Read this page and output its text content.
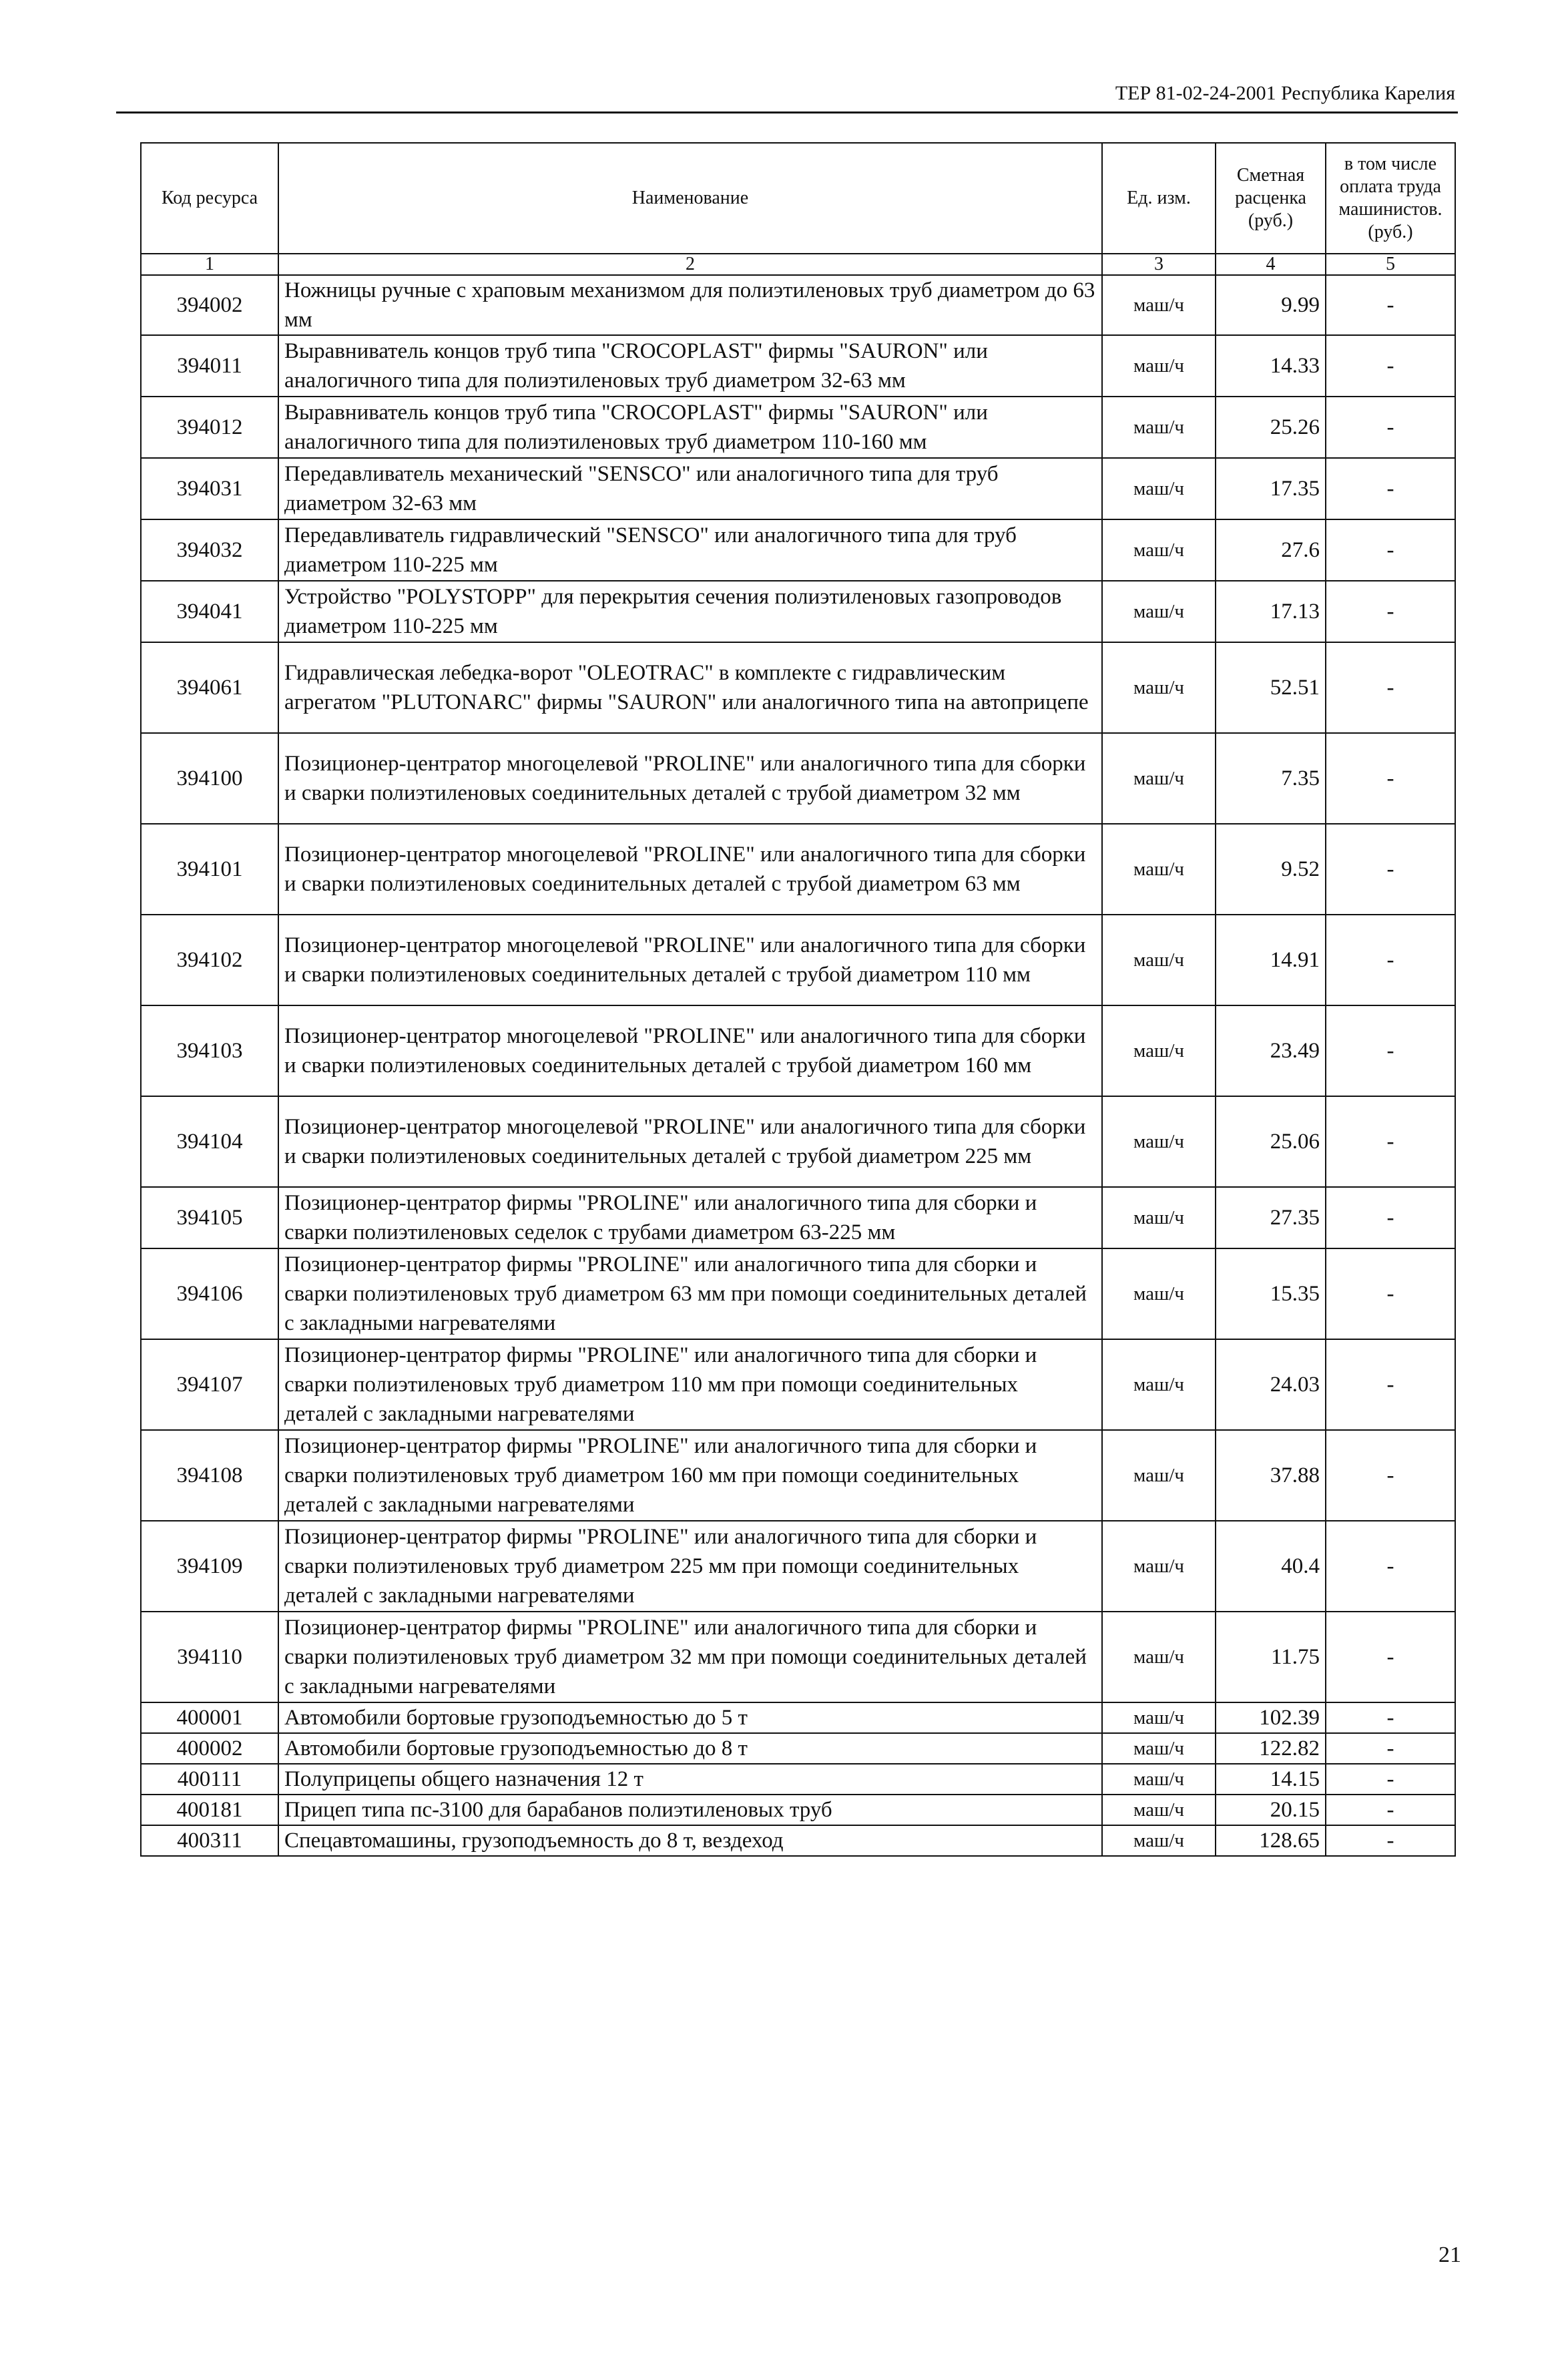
ТЕР 81-02-24-2001 Республика Карелия
Код ресурса	Наименование	Ед. изм.	Сметная расценка (руб.)	в том числе оплата труда машинистов. (руб.)
1	2	3	4	5
394002	Ножницы ручные с храповым механизмом для полиэтиленовых труб диаметром до 63 мм	маш/ч	9.99	-
394011	Выравниватель концов труб типа "CROCOPLAST" фирмы "SAURON" или аналогичного типа для полиэтиленовых труб диаметром 32-63 мм	маш/ч	14.33	-
394012	Выравниватель концов труб типа "CROCOPLAST" фирмы "SAURON" или аналогичного типа для полиэтиленовых труб диаметром 110-160 мм	маш/ч	25.26	-
394031	Передавливатель механический "SENSCO" или аналогичного типа для труб диаметром 32-63 мм	маш/ч	17.35	-
394032	Передавливатель гидравлический "SENSCO" или аналогичного типа для труб диаметром 110-225 мм	маш/ч	27.6	-
394041	Устройство "POLYSTOPP" для перекрытия сечения полиэтиленовых газопроводов диаметром 110-225 мм	маш/ч	17.13	-
394061	Гидравлическая лебедка-ворот "OLEOTRAC" в комплекте с гидравлическим агрегатом "PLUTONARC" фирмы "SAURON" или аналогичного типа на автоприцепе	маш/ч	52.51	-
394100	Позиционер-центратор многоцелевой "PROLINE" или аналогичного типа для сборки и сварки полиэтиленовых соединительных деталей с трубой диаметром 32 мм	маш/ч	7.35	-
394101	Позиционер-центратор многоцелевой "PROLINE" или аналогичного типа для сборки и сварки полиэтиленовых соединительных деталей с трубой диаметром 63 мм	маш/ч	9.52	-
394102	Позиционер-центратор многоцелевой "PROLINE" или аналогичного типа для сборки и сварки полиэтиленовых соединительных деталей с трубой диаметром 110 мм	маш/ч	14.91	-
394103	Позиционер-центратор многоцелевой "PROLINE" или аналогичного типа для сборки и сварки полиэтиленовых соединительных деталей с трубой диаметром 160 мм	маш/ч	23.49	-
394104	Позиционер-центратор многоцелевой "PROLINE" или аналогичного типа для сборки и сварки полиэтиленовых соединительных деталей с трубой диаметром 225 мм	маш/ч	25.06	-
394105	Позиционер-центратор фирмы "PROLINE" или аналогичного типа для сборки и сварки полиэтиленовых седелок с трубами диаметром 63-225 мм	маш/ч	27.35	-
394106	Позиционер-центратор фирмы "PROLINE" или аналогичного типа для сборки и сварки полиэтиленовых труб диаметром 63 мм при помощи соединительных деталей с закладными нагревателями	маш/ч	15.35	-
394107	Позиционер-центратор фирмы "PROLINE" или аналогичного типа для сборки и сварки полиэтиленовых труб диаметром 110 мм при помощи соединительных деталей с закладными нагревателями	маш/ч	24.03	-
394108	Позиционер-центратор фирмы "PROLINE" или аналогичного типа для сборки и сварки полиэтиленовых труб диаметром 160 мм при помощи соединительных деталей с закладными нагревателями	маш/ч	37.88	-
394109	Позиционер-центратор фирмы "PROLINE" или аналогичного типа для сборки и сварки полиэтиленовых труб диаметром 225 мм при помощи соединительных деталей с закладными нагревателями	маш/ч	40.4	-
394110	Позиционер-центратор фирмы "PROLINE" или аналогичного типа для сборки и сварки полиэтиленовых труб диаметром 32 мм при помощи соединительных деталей с закладными нагревателями	маш/ч	11.75	-
400001	Автомобили бортовые грузоподъемностью до 5 т	маш/ч	102.39	-
400002	Автомобили бортовые грузоподъемностью до 8 т	маш/ч	122.82	-
400111	Полуприцепы общего назначения 12 т	маш/ч	14.15	-
400181	Прицеп типа пс-3100 для барабанов полиэтиленовых труб	маш/ч	20.15	-
400311	Спецавтомашины, грузоподъемность до 8 т, вездеход	маш/ч	128.65	-
21
